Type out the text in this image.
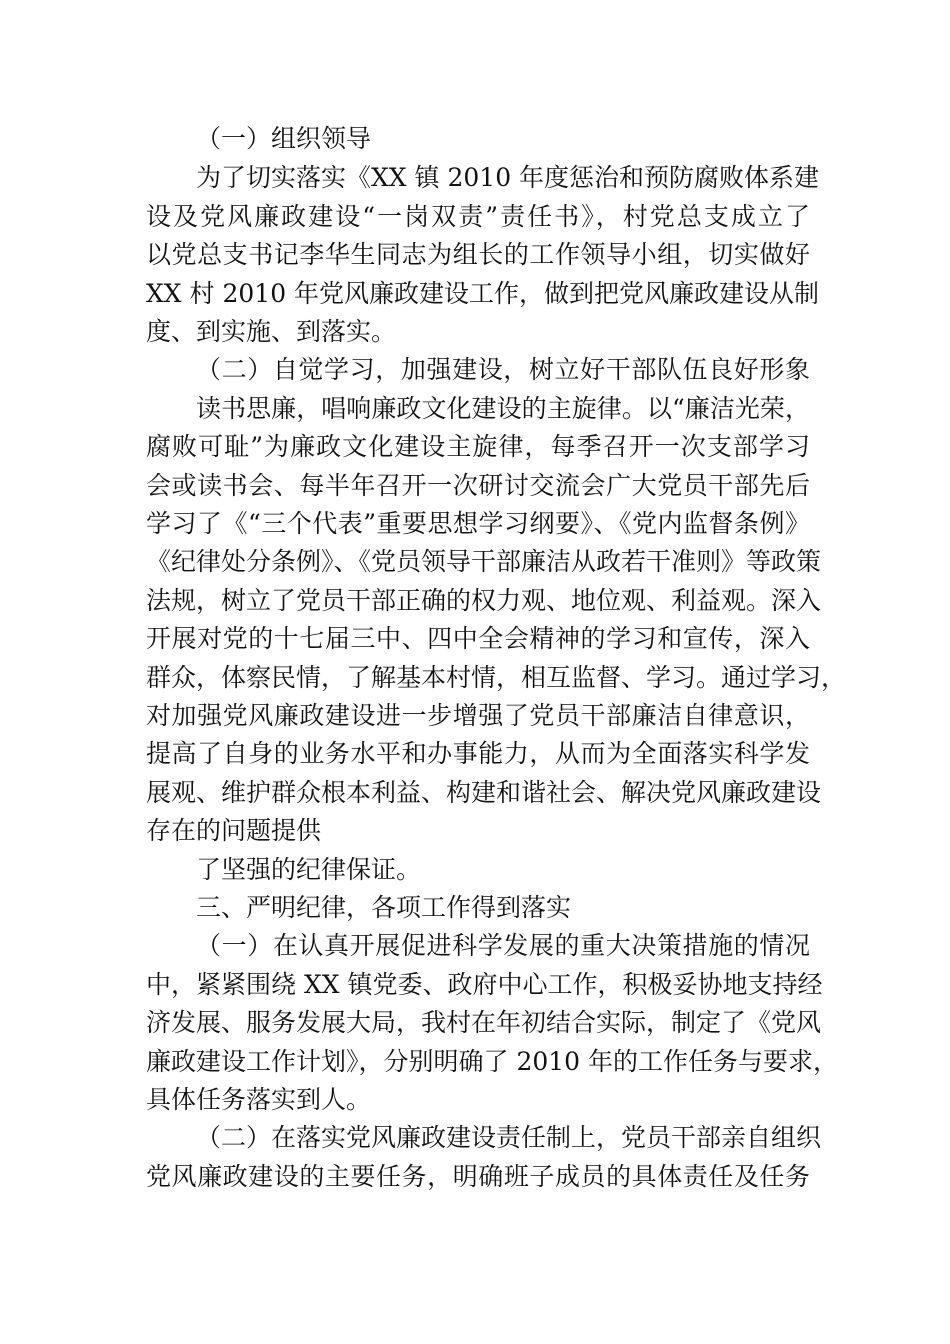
（一）组织领导
为了切实落实《XX 镇 2010 年度惩治和预防腐败体系建
设及党风廉政建设“一岗双责”责任书》，村党总支成立了
以党总支书记李华生同志为组长的工作领导小组，切实做好
XX 村 2010 年党风廉政建设工作，做到把党风廉政建设从制
度、到实施、到落实。
（二）自觉学习，加强建设，树立好干部队伍良好形象
读书思廉，唱响廉政文化建设的主旋律。以“廉洁光荣，
腐败可耻”为廉政文化建设主旋律，每季召开一次支部学习
会或读书会、每半年召开一次研讨交流会广大党员干部先后
学习了《“三个代表”重要思想学习纲要》、《党内监督条例》
《纪律处分条例》、《党员领导干部廉洁从政若干准则》等政策
法规，树立了党员干部正确的权力观、地位观、利益观。深入
开展对党的十七届三中、四中全会精神的学习和宣传，深入
群众，体察民情，了解基本村情，相互监督、学习。通过学习，
对加强党风廉政建设进一步增强了党员干部廉洁自律意识，
提高了自身的业务水平和办事能力，从而为全面落实科学发
展观、维护群众根本利益、构建和谐社会、解决党风廉政建设
存在的问题提供
了坚强的纪律保证。
三、严明纪律，各项工作得到落实
（一）在认真开展促进科学发展的重大决策措施的情况
中，紧紧围绕 XX 镇党委、政府中心工作，积极妥协地支持经
济发展、服务发展大局，我村在年初结合实际，制定了《党风
廉政建设工作计划》，分别明确了 2010 年的工作任务与要求，
具体任务落实到人。
（二）在落实党风廉政建设责任制上，党员干部亲自组织
党风廉政建设的主要任务，明确班子成员的具体责任及任务
